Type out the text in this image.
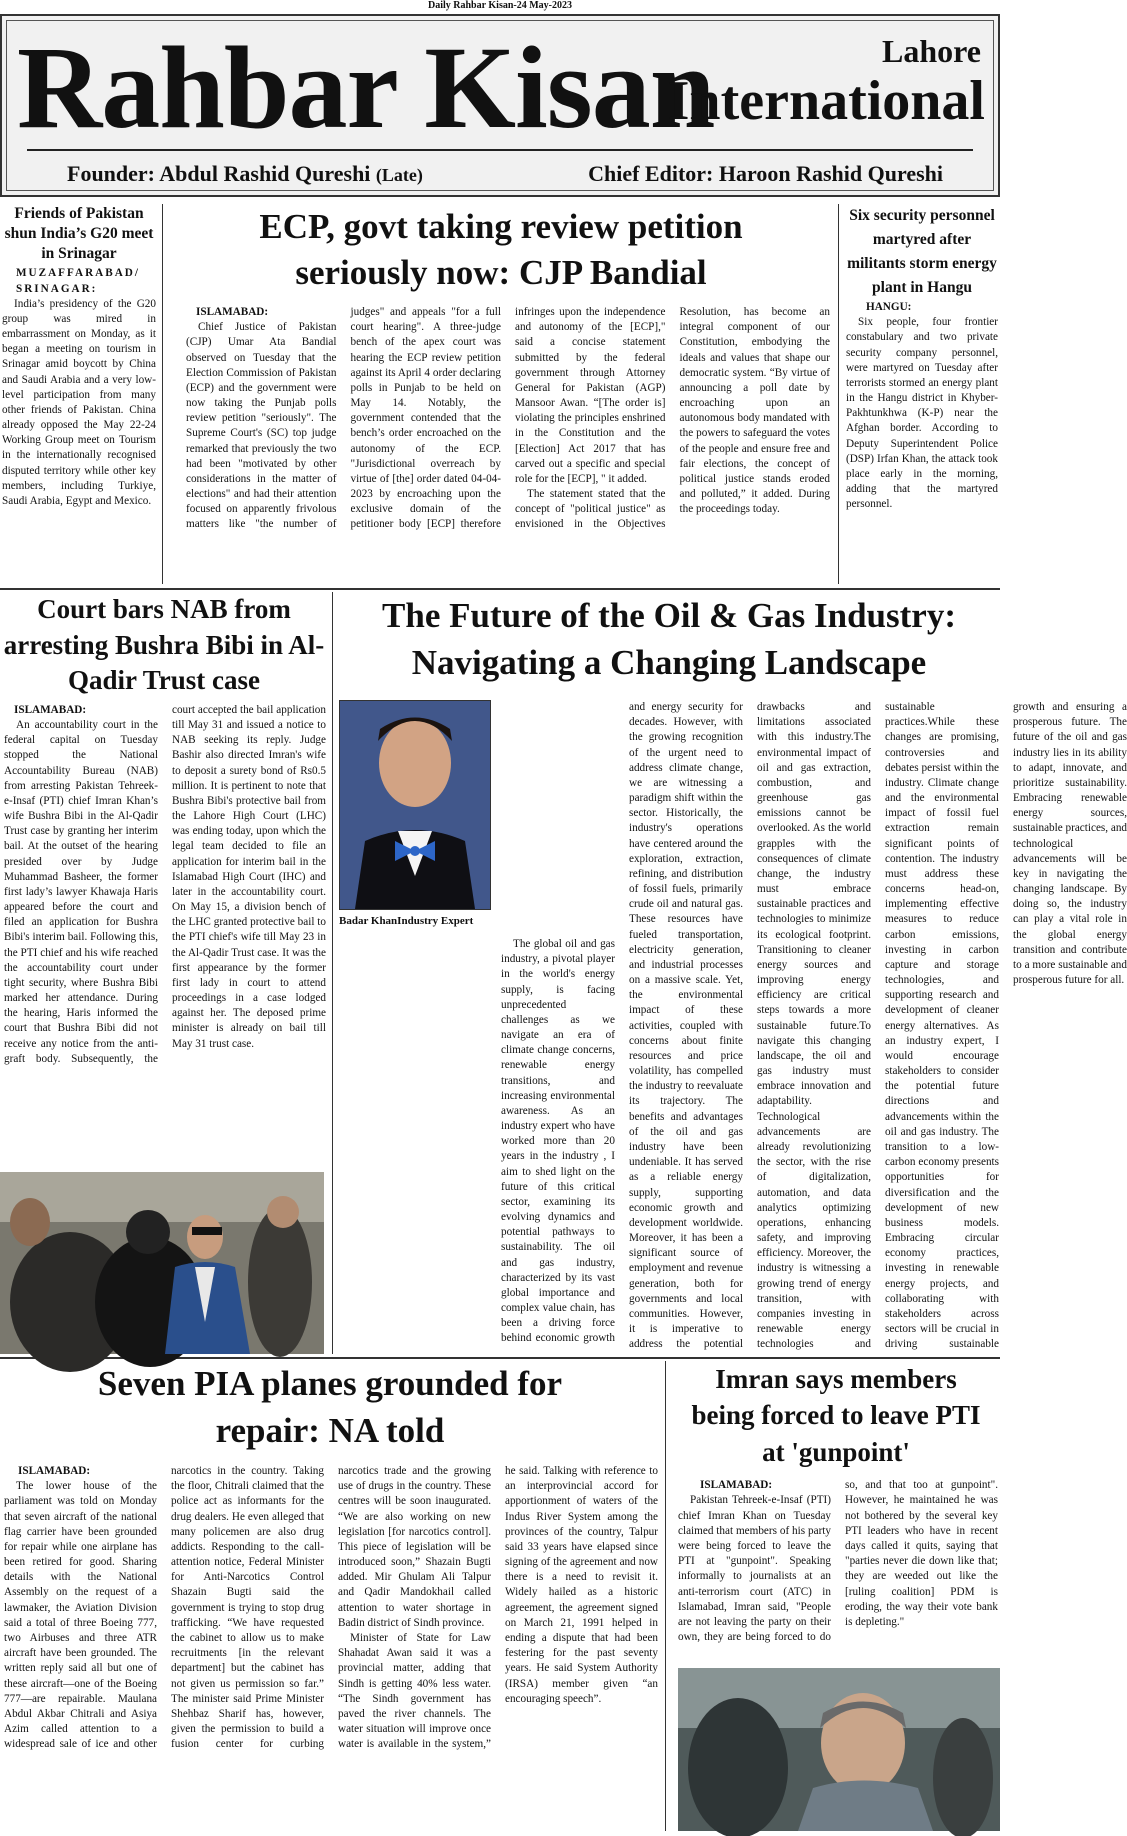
Daily Rahbar Kisan-24 May-2023
Rahbar Kisan	Lahore
International
Founder: Abdul Rashid Qureshi (Late)	Chief Editor: Haroon Rashid Qureshi
Friends of Pakistan shun India’s G20 meet in Srinagar
MUZAFFARABAD/ SRINAGAR:

India’s presidency of the G20 group was mired in embarrassment on Monday, as it began a meeting on tourism in Srinagar amid boycott by China and Saudi Arabia and a very low-level participation from many other friends of Pakistan. China already opposed the May 22-24 Working Group meet on Tourism in the internationally recognised disputed territory while other key members, including Turkiye, Saudi Arabia, Egypt and Mexico.

ECP, govt taking review petition seriously now: CJP Bandial
ISLAMABAD:

Chief Justice of Pakistan (CJP) Umar Ata Bandial observed on Tuesday that the Election Commission of Pakistan (ECP) and the government were now taking the Punjab polls review petition "seriously". The Supreme Court's (SC) top judge remarked that previously the two had been "motivated by other considerations in the matter of elections" and had their attention focused on apparently frivolous matters like "the number of judges" and appeals "for a full court hearing". A three-judge bench of the apex court was hearing the ECP review petition against its April 4 order declaring polls in Punjab to be held on May 14. Notably, the government contended that the bench’s order encroached on the autonomy of the ECP. "Jurisdictional overreach by virtue of [the] order dated 04-04-2023 by encroaching upon the exclusive domain of the petitioner body [ECP] therefore infringes upon the independence and autonomy of the [ECP]," said a concise statement submitted by the federal government through Attorney General for Pakistan (AGP) Mansoor Awan. “[The order is] violating the principles enshrined in the Constitution and the [Election] Act 2017 that has carved out a specific and special role for the [ECP], " it added.

The statement stated that the concept of "political justice" as envisioned in the Objectives Resolution, has become an integral component of our Constitution, embodying the ideals and values that shape our democratic system. “By virtue of announcing a poll date by encroaching upon an autonomous body mandated with the powers to safeguard the votes of the people and ensure free and fair elections, the concept of political justice stands eroded and polluted,” it added. During the proceedings today.

Six security personnel martyred after militants storm energy plant in Hangu
HANGU:

Six people, four frontier constabulary and two private security company personnel, were martyred on Tuesday after terrorists stormed an energy plant in the Hangu district in Khyber-Pakhtunkhwa (K-P) near the Afghan border. According to Deputy Superintendent Police (DSP) Irfan Khan, the attack took place early in the morning, adding that the martyred personnel.

Court bars NAB from arresting Bushra Bibi in Al-Qadir Trust case
ISLAMABAD:

An accountability court in the federal capital on Tuesday stopped the National Accountability Bureau (NAB) from arresting Pakistan Tehreek-e-Insaf (PTI) chief Imran Khan’s wife Bushra Bibi in the Al-Qadir Trust case by granting her interim bail. At the outset of the hearing presided over by Judge Muhammad Basheer, the former first lady’s lawyer Khawaja Haris appeared before the court and filed an application for Bushra Bibi's interim bail. Following this, the PTI chief and his wife reached the accountability court under tight security, where Bushra Bibi marked her attendance. During the hearing, Haris informed the court that Bushra Bibi did not receive any notice from the anti-graft body. Subsequently, the court accepted the bail application till May 31 and issued a notice to NAB seeking its reply. Judge Bashir also directed Imran's wife to deposit a surety bond of Rs0.5 million. It is pertinent to note that Bushra Bibi's protective bail from the Lahore High Court (LHC) was ending today, upon which the legal team decided to file an application for interim bail in the Islamabad High Court (IHC) and later in the accountability court. On May 15, a division bench of the LHC granted protective bail to the PTI chief's wife till May 23 in the Al-Qadir Trust case. It was the first appearance by the former first lady in court to attend proceedings in a case lodged against her. The deposed prime minister is already on bail till May 31 trust case.

The Future of the Oil & Gas Industry: Navigating a Changing Landscape
Badar KhanIndustry Expert

The global oil and gas industry, a pivotal player in the world's energy supply, is facing unprecedented challenges as we navigate an era of climate change concerns, renewable energy transitions, and increasing environmental awareness. As an industry expert who have worked more than 20 years in the industry , I aim to shed light on the future of this critical sector, examining its evolving dynamics and potential pathways to sustainability. The oil and gas industry, characterized by its vast global importance and complex value chain, has been a driving force behind economic growth and energy security for decades. However, with the growing recognition of the urgent need to address climate change, we are witnessing a paradigm shift within the sector. Historically, the industry's operations have centered around the exploration, extraction, refining, and distribution of fossil fuels, primarily crude oil and natural gas. These resources have fueled transportation, electricity generation, and industrial processes on a massive scale. Yet, the environmental impact of these activities, coupled with concerns about finite resources and price volatility, has compelled the industry to reevaluate its trajectory. The benefits and advantages of the oil and gas industry have been undeniable. It has served as a reliable energy supply, supporting economic growth and development worldwide. Moreover, it has been a significant source of employment and revenue generation, both for governments and local communities. However, it is imperative to address the potential drawbacks and limitations associated with this industry.The environmental impact of oil and gas extraction, combustion, and greenhouse gas emissions cannot be overlooked. As the world grapples with the consequences of climate change, the industry must embrace sustainable practices and technologies to minimize its ecological footprint. Transitioning to cleaner energy sources and improving energy efficiency are critical steps towards a more sustainable future.To navigate this changing landscape, the oil and gas industry must embrace innovation and adaptability. Technological advancements are already revolutionizing the sector, with the rise of digitalization, automation, and data analytics optimizing operations, enhancing safety, and improving efficiency. Moreover, the industry is witnessing a growing trend of energy transition, with companies investing in renewable energy technologies and sustainable practices.While these changes are promising, controversies and debates persist within the industry. Climate change and the environmental impact of fossil fuel extraction remain significant points of contention. The industry must address these concerns head-on, implementing effective measures to reduce carbon emissions, investing in carbon capture and storage technologies, and supporting research and development of cleaner energy alternatives. As an industry expert, I would encourage stakeholders to consider the potential future directions and advancements within the oil and gas industry. The transition to a low-carbon economy presents opportunities for diversification and the development of new business models. Embracing circular economy practices, investing in renewable energy projects, and collaborating with stakeholders across sectors will be crucial in driving sustainable growth and ensuring a prosperous future. The future of the oil and gas industry lies in its ability to adapt, innovate, and prioritize sustainability. Embracing renewable energy sources, sustainable practices, and technological advancements will be key in navigating the changing landscape. By doing so, the industry can play a vital role in the global energy transition and contribute to a more sustainable and prosperous future for all.

Seven PIA planes grounded for repair: NA told
ISLAMABAD:

The lower house of the parliament was told on Monday that seven aircraft of the national flag carrier have been grounded for repair while one airplane has been retired for good. Sharing details with the National Assembly on the request of a lawmaker, the Aviation Division said a total of three Boeing 777, two Airbuses and three ATR aircraft have been grounded. The written reply said all but one of these aircraft—one of the Boeing 777—are repairable. Maulana Abdul Akbar Chitrali and Asiya Azim called attention to a widespread sale of ice and other narcotics in the country. Taking the floor, Chitrali claimed that the police act as informants for the drug dealers. He even alleged that many policemen are also drug addicts. Responding to the call-attention notice, Federal Minister for Anti-Narcotics Control Shazain Bugti said the government is trying to stop drug trafficking. “We have requested the cabinet to allow us to make recruitments [in the relevant department] but the cabinet has not given us permission so far.” The minister said Prime Minister Shehbaz Sharif has, however, given the permission to build a fusion center for curbing narcotics trade and the growing use of drugs in the country. These centres will be soon inaugurated. “We are also working on new legislation [for narcotics control]. This piece of legislation will be introduced soon,” Shazain Bugti added. Mir Ghulam Ali Talpur and Qadir Mandokhail called attention to water shortage in Badin district of Sindh province.

Minister of State for Law Shahadat Awan said it was a provincial matter, adding that Sindh is getting 40% less water. “The Sindh government has paved the river channels. The water situation will improve once water is available in the system,” he said. Talking with reference to an interprovincial accord for apportionment of waters of the Indus River System among the provinces of the country, Talpur said 33 years have elapsed since signing of the agreement and now there is a need to revisit it. Widely hailed as a historic agreement, the agreement signed on March 21, 1991 helped in ending a dispute that had been festering for the past seventy years. He said System Authority (IRSA) member given “an encouraging speech”.

Imran says members being forced to leave PTI at 'gunpoint'
ISLAMABAD:

Pakistan Tehreek-e-Insaf (PTI) chief Imran Khan on Tuesday claimed that members of his party were being forced to leave the PTI at "gunpoint". Speaking informally to journalists at an anti-terrorism court (ATC) in Islamabad, Imran said, "People are not leaving the party on their own, they are being forced to do so, and that too at gunpoint". However, he maintained he was not bothered by the several key PTI leaders who have in recent days called it quits, saying that "parties never die down like that; they are weeded out like the [ruling coalition] PDM is eroding, the way their vote bank is depleting."
